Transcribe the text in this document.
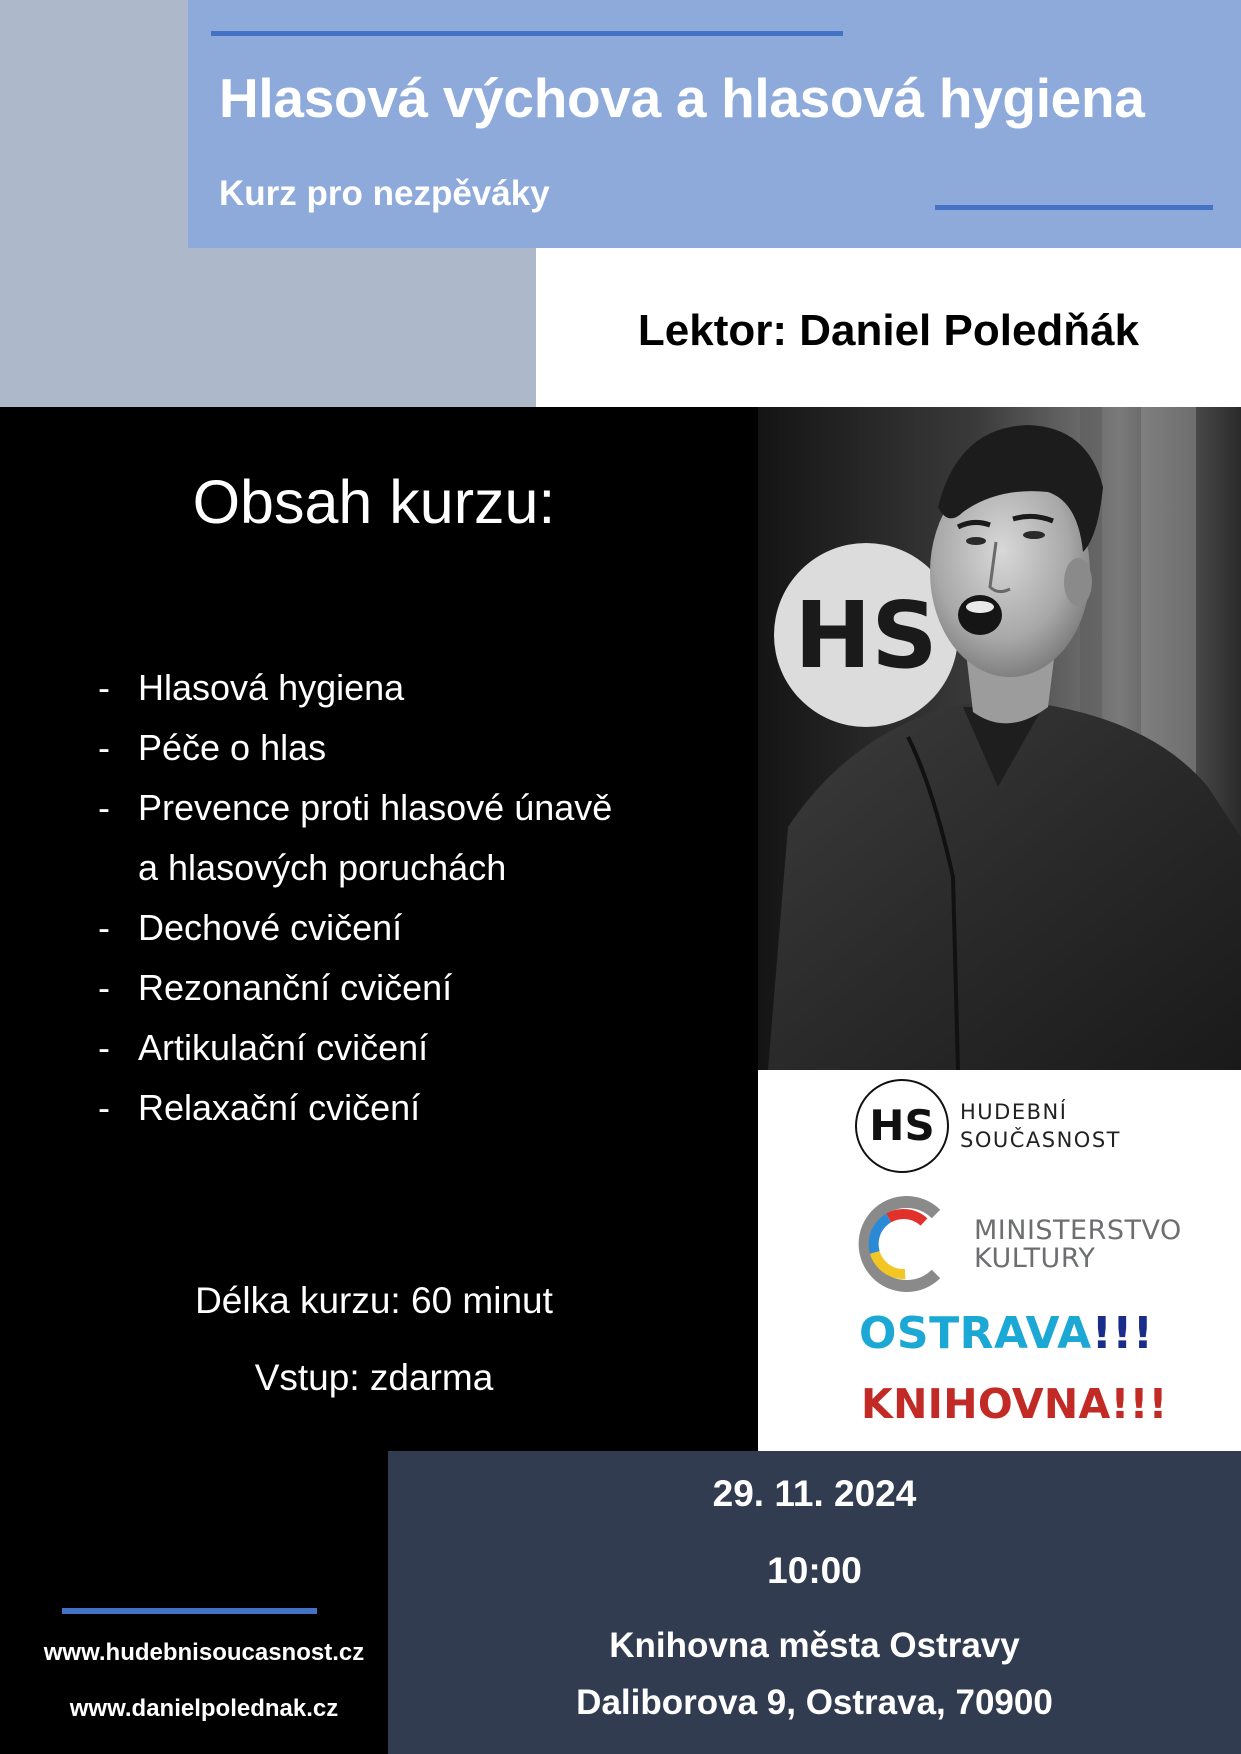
Hlasová výchova a hlasová hygiena
Kurz pro nezpěváky
Lektor: Daniel Poledňák
Obsah kurzu:
- Hlasová hygiena
- Péče o hlas
- Prevence proti hlasové únavě
a hlasových poruchách
- Dechové cvičení
- Rezonanční cvičení
- Artikulační cvičení
- Relaxační cvičení
Délka kurzu: 60 minut
Vstup: zdarma
HS
HS HUDEBNÍ
SOUČASNOST
MINISTERSTVO
KULTURY
OSTRAVA!!!
KNIHOVNA!!!
29. 11. 2024
10:00
Knihovna města Ostravy
Daliborova 9, Ostrava, 70900
www.hudebnisoucasnost.cz
www.danielpolednak.cz
